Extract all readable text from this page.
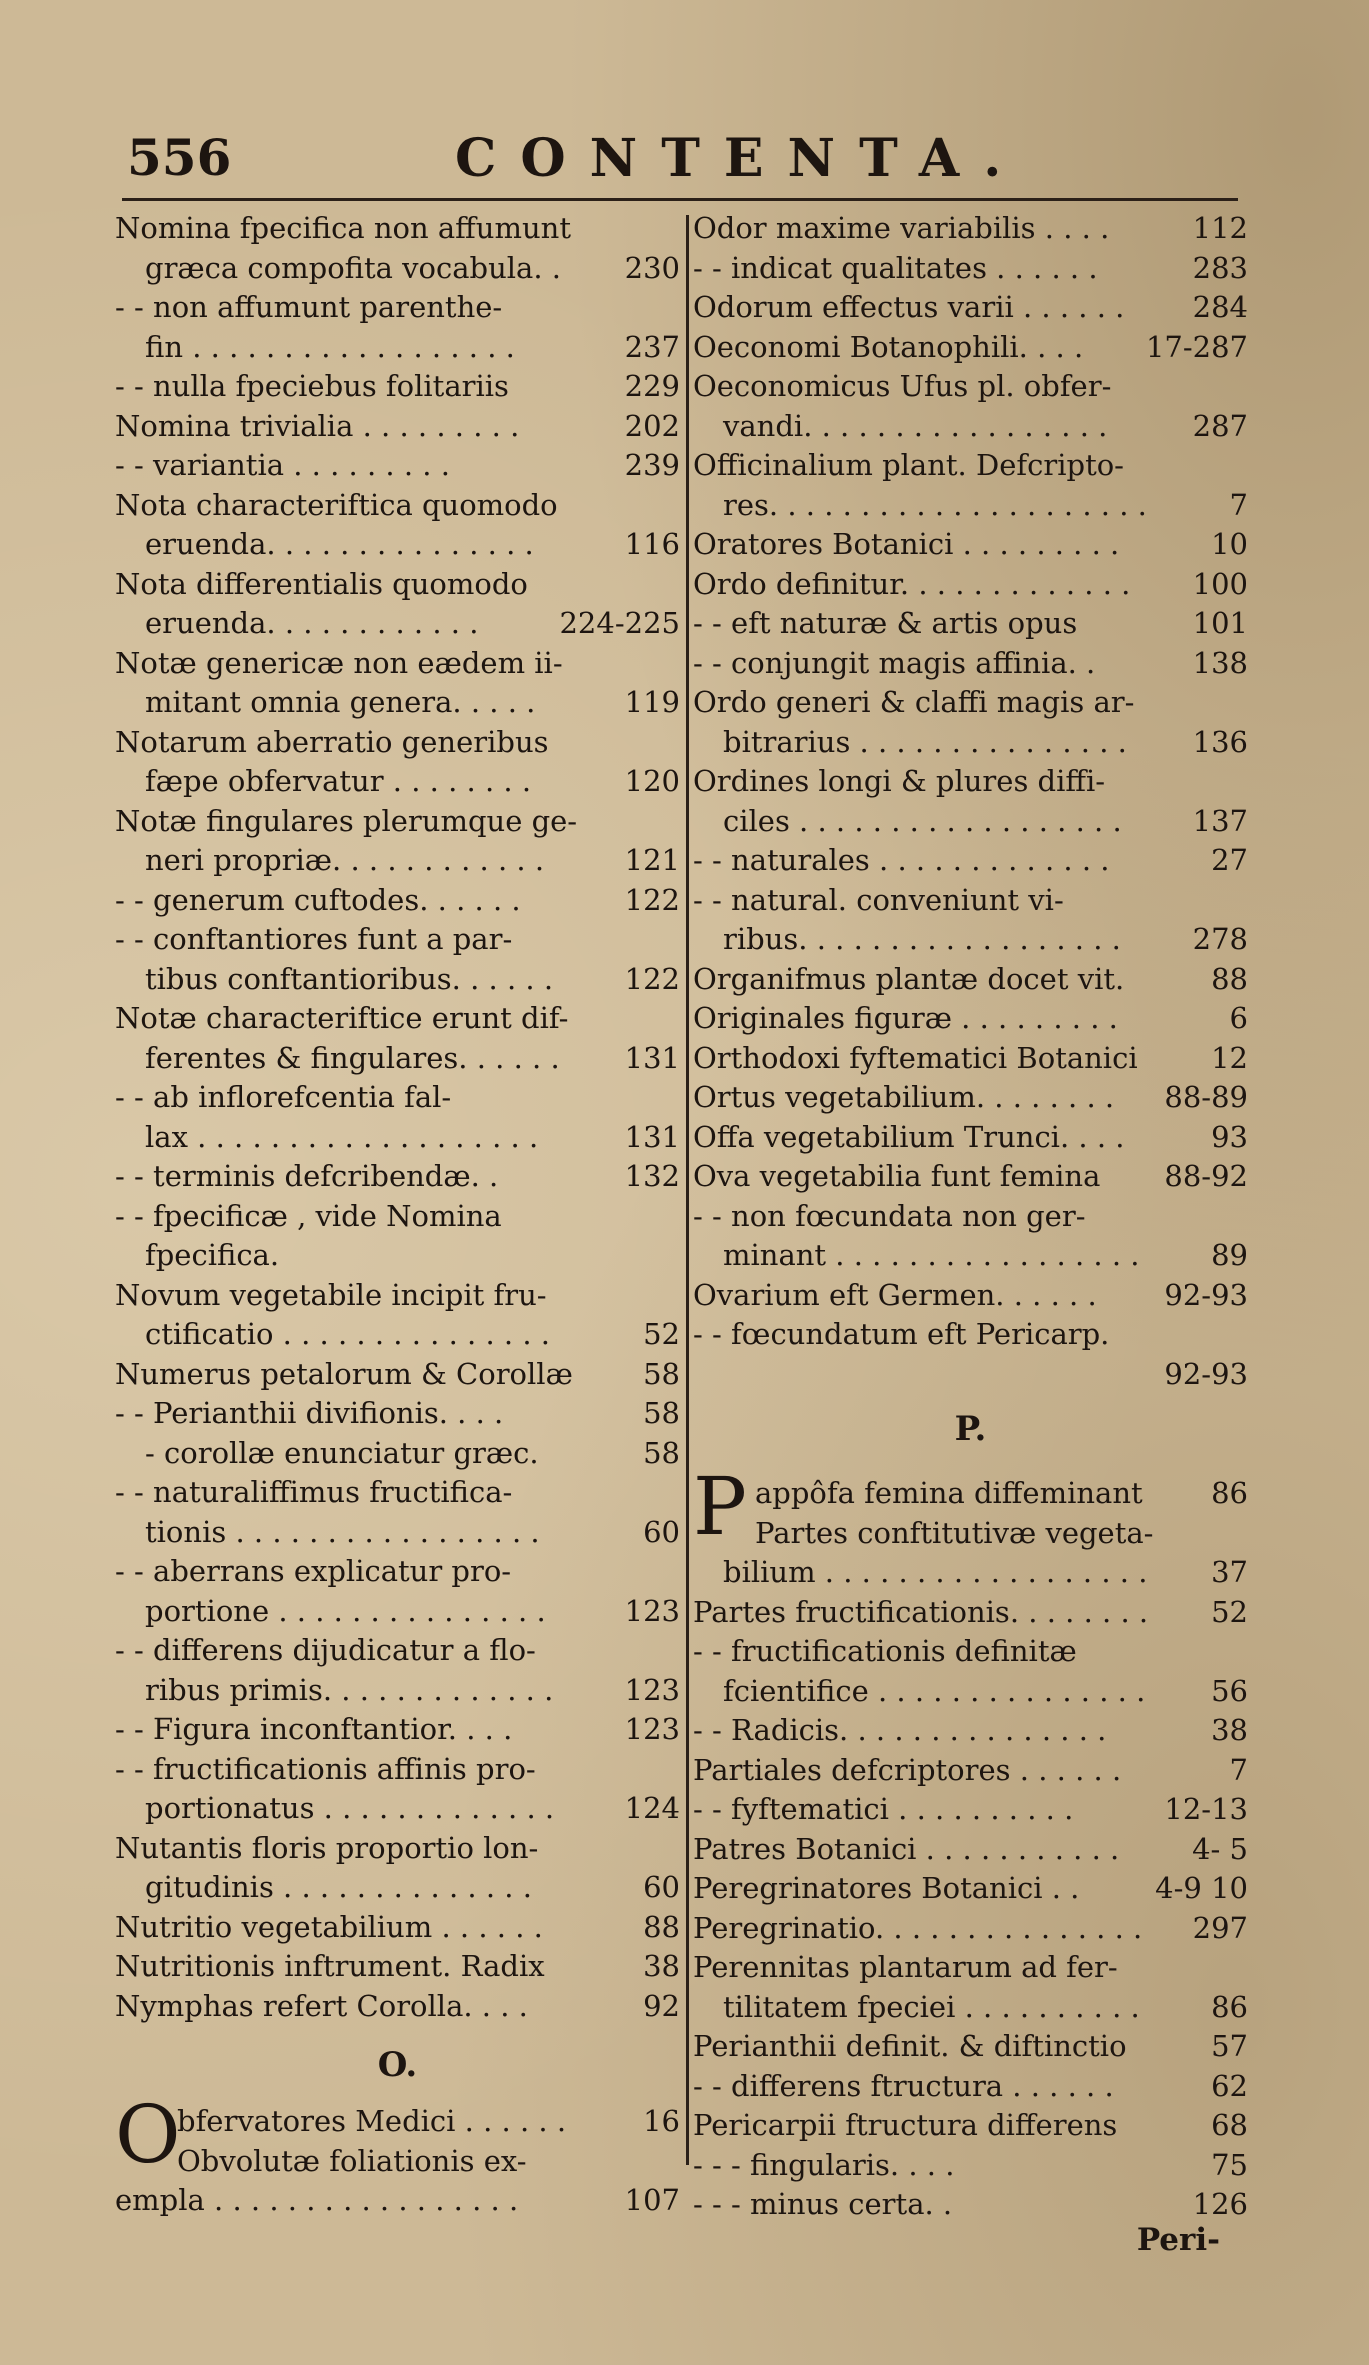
556	CONTENTA.
Nomina fpecifica non affumunt
græca compofita vocabula. . 230
- - non affumunt parenthe-
fin . . . . . . . . . . . . . . . . . .	237
- - nulla fpeciebus folitariis	229
Nomina trivialia . . . . . . . . .	202
- - variantia . . . . . . . . .	239
Nota characteriftica quomodo
eruenda. . . . . . . . . . . . . . .	116
Nota differentialis quomodo
eruenda. . . . . . . . . . . .	224-225
Notæ genericæ non eædem ii-
mitant omnia genera. . . . .	119
Notarum aberratio generibus
fæpe obfervatur . . . . . . . .	120
Notæ fingulares plerumque ge-
neri propriæ. . . . . . . . . . . .	121
- - generum cuftodes. . . . . .	122
- - conftantiores funt a par-
tibus conftantioribus. . . . . . 122
Notæ characteriftice erunt dif-
ferentes & fingulares. . . . . . 131
- - ab inflorefcentia fal-
lax . . . . . . . . . . . . . . . . . . .	131
- - terminis defcribendæ. .	132
- - fpecificæ , vide Nomina
fpecifica.
Novum vegetabile incipit fru-
ctificatio . . . . . . . . . . . . . . .	52
Numerus petalorum & Corollæ 58
- - Perianthii divifionis. . . .	58
- corollæ enunciatur græc.	58
- - naturaliffimus fructifica-
tionis . . . . . . . . . . . . . . . . .	60
- - aberrans explicatur pro-
portione . . . . . . . . . . . . . . .	123
- - differens dijudicatur a flo-
ribus primis. . . . . . . . . . . . . 123
- - Figura inconftantior. . . .	123
- - fructificationis affinis pro-
portionatus . . . . . . . . . . . . . 124
Nutantis floris proportio lon-
gitudinis . . . . . . . . . . . . . .	60
Nutritio vegetabilium . . . . . .	88
Nutritionis inftrument. Radix	38
Nymphas refert Corolla. . . .	92
O.
O
bfervatores Medici . . . . . .	16
Obvolutæ foliationis ex-
empla . . . . . . . . . . . . . . . . .	107
Odor maxime variabilis . . . .	112
- - indicat qualitates . . . . . .	283
Odorum effectus varii . . . . . . 284
Oeconomi Botanophili. . . . 17-287
Oeconomicus Ufus pl. obfer-
vandi. . . . . . . . . . . . . . . . .	287
Officinalium plant. Defcripto-
res. . . . . . . . . . . . . . . . . . . . .	7
Oratores Botanici . . . . . . . . .	10
Ordo definitur. . . . . . . . . . . . . 100
- - eft naturæ & artis opus	101
- - conjungit magis affinia. .	138
Ordo generi & claffi magis ar-
bitrarius . . . . . . . . . . . . . . . 136
Ordines longi & plures diffi-
ciles . . . . . . . . . . . . . . . . . . 137
- - naturales . . . . . . . . . . . . .	27
- - natural. conveniunt vi-
ribus. . . . . . . . . . . . . . . . . . 278
Organifmus plantæ docet vit.	88
Originales figuræ . . . . . . . . .	6
Orthodoxi fyftematici Botanici	12
Ortus vegetabilium. . . . . . . . 88-89
Offa vegetabilium Trunci. . . .	93
Ova vegetabilia funt femina 88-92
- - non fœcundata non ger-
minant . . . . . . . . . . . . . . . . . 89
Ovarium eft Germen. . . . . . 92-93
- - fœcundatum eft Pericarp.
92-93
P.
P appôfa femina diffeminant 86
Partes conftitutivæ vegeta-
bilium . . . . . . . . . . . . . . . . . . 37
Partes fructificationis. . . . . . . . 52
- - fructificationis definitæ
fcientifice . . . . . . . . . . . . . . . 56
- - Radicis. . . . . . . . . . . . . . .	38
Partiales defcriptores . . . . . .	7
- - fyftematici . . . . . . . . . .	12-13
Patres Botanici . . . . . . . . . . .	4- 5
Peregrinatores Botanici . .	4-9 10
Peregrinatio. . . . . . . . . . . . . . . 297
Perennitas plantarum ad fer-
tilitatem fpeciei . . . . . . . . . . 86
Perianthii definit. & diftinctio	57
- - differens ftructura . . . . . .	62
Pericarpii ftructura differens	68
- - - fingularis. . . .	75
- - - minus certa. .	126
Peri-
